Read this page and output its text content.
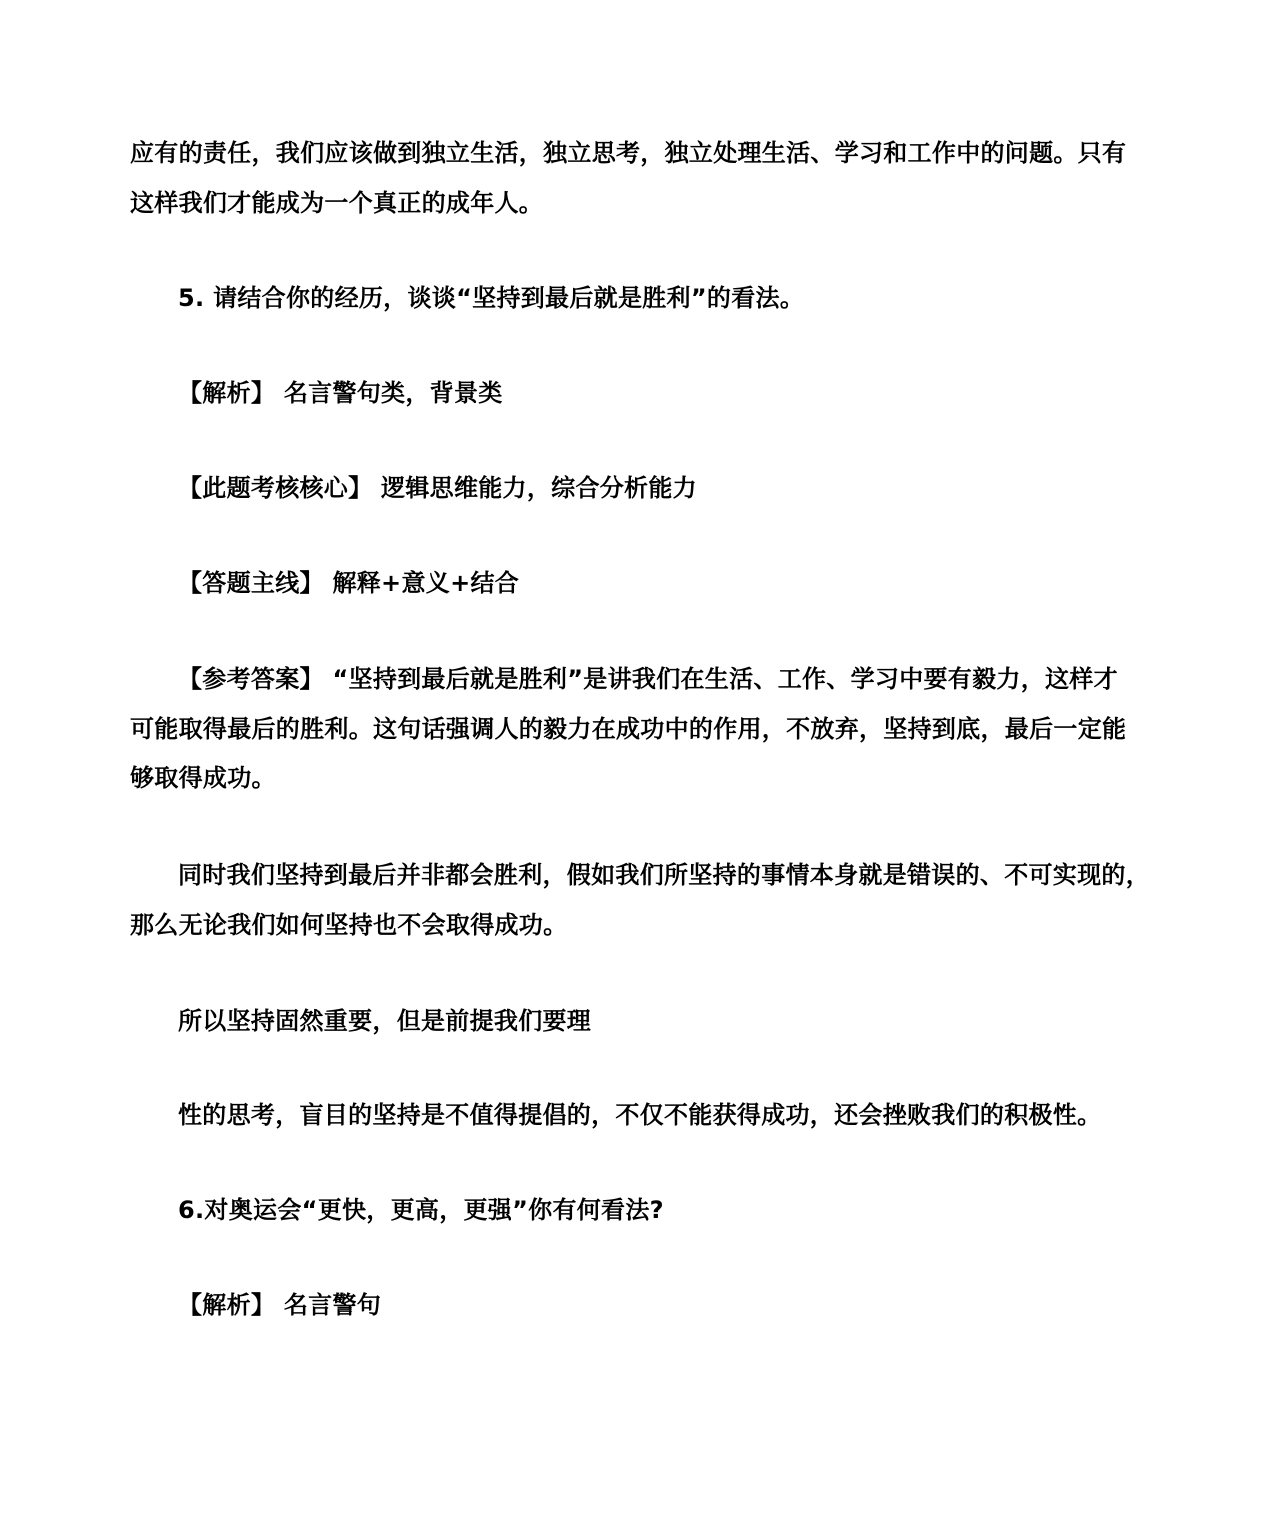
应有的责任，我们应该做到独立生活，独立思考，独立处理生活、学习和工作中的问题。只有
这样我们才能成为一个真正的成年人。
5. 请结合你的经历，谈谈“坚持到最后就是胜利”的看法。
【解析】 名言警句类，背景类
【此题考核核心】 逻辑思维能力，综合分析能力
【答题主线】 解释+意义+结合
【参考答案】 “坚持到最后就是胜利”是讲我们在生活、工作、学习中要有毅力，这样才
可能取得最后的胜利。这句话强调人的毅力在成功中的作用，不放弃，坚持到底，最后一定能
够取得成功。
同时我们坚持到最后并非都会胜利，假如我们所坚持的事情本身就是错误的、不可实现的，
那么无论我们如何坚持也不会取得成功。
所以坚持固然重要，但是前提我们要理
性的思考，盲目的坚持是不值得提倡的，不仅不能获得成功，还会挫败我们的积极性。
6.对奥运会“更快，更高，更强”你有何看法?
【解析】 名言警句
